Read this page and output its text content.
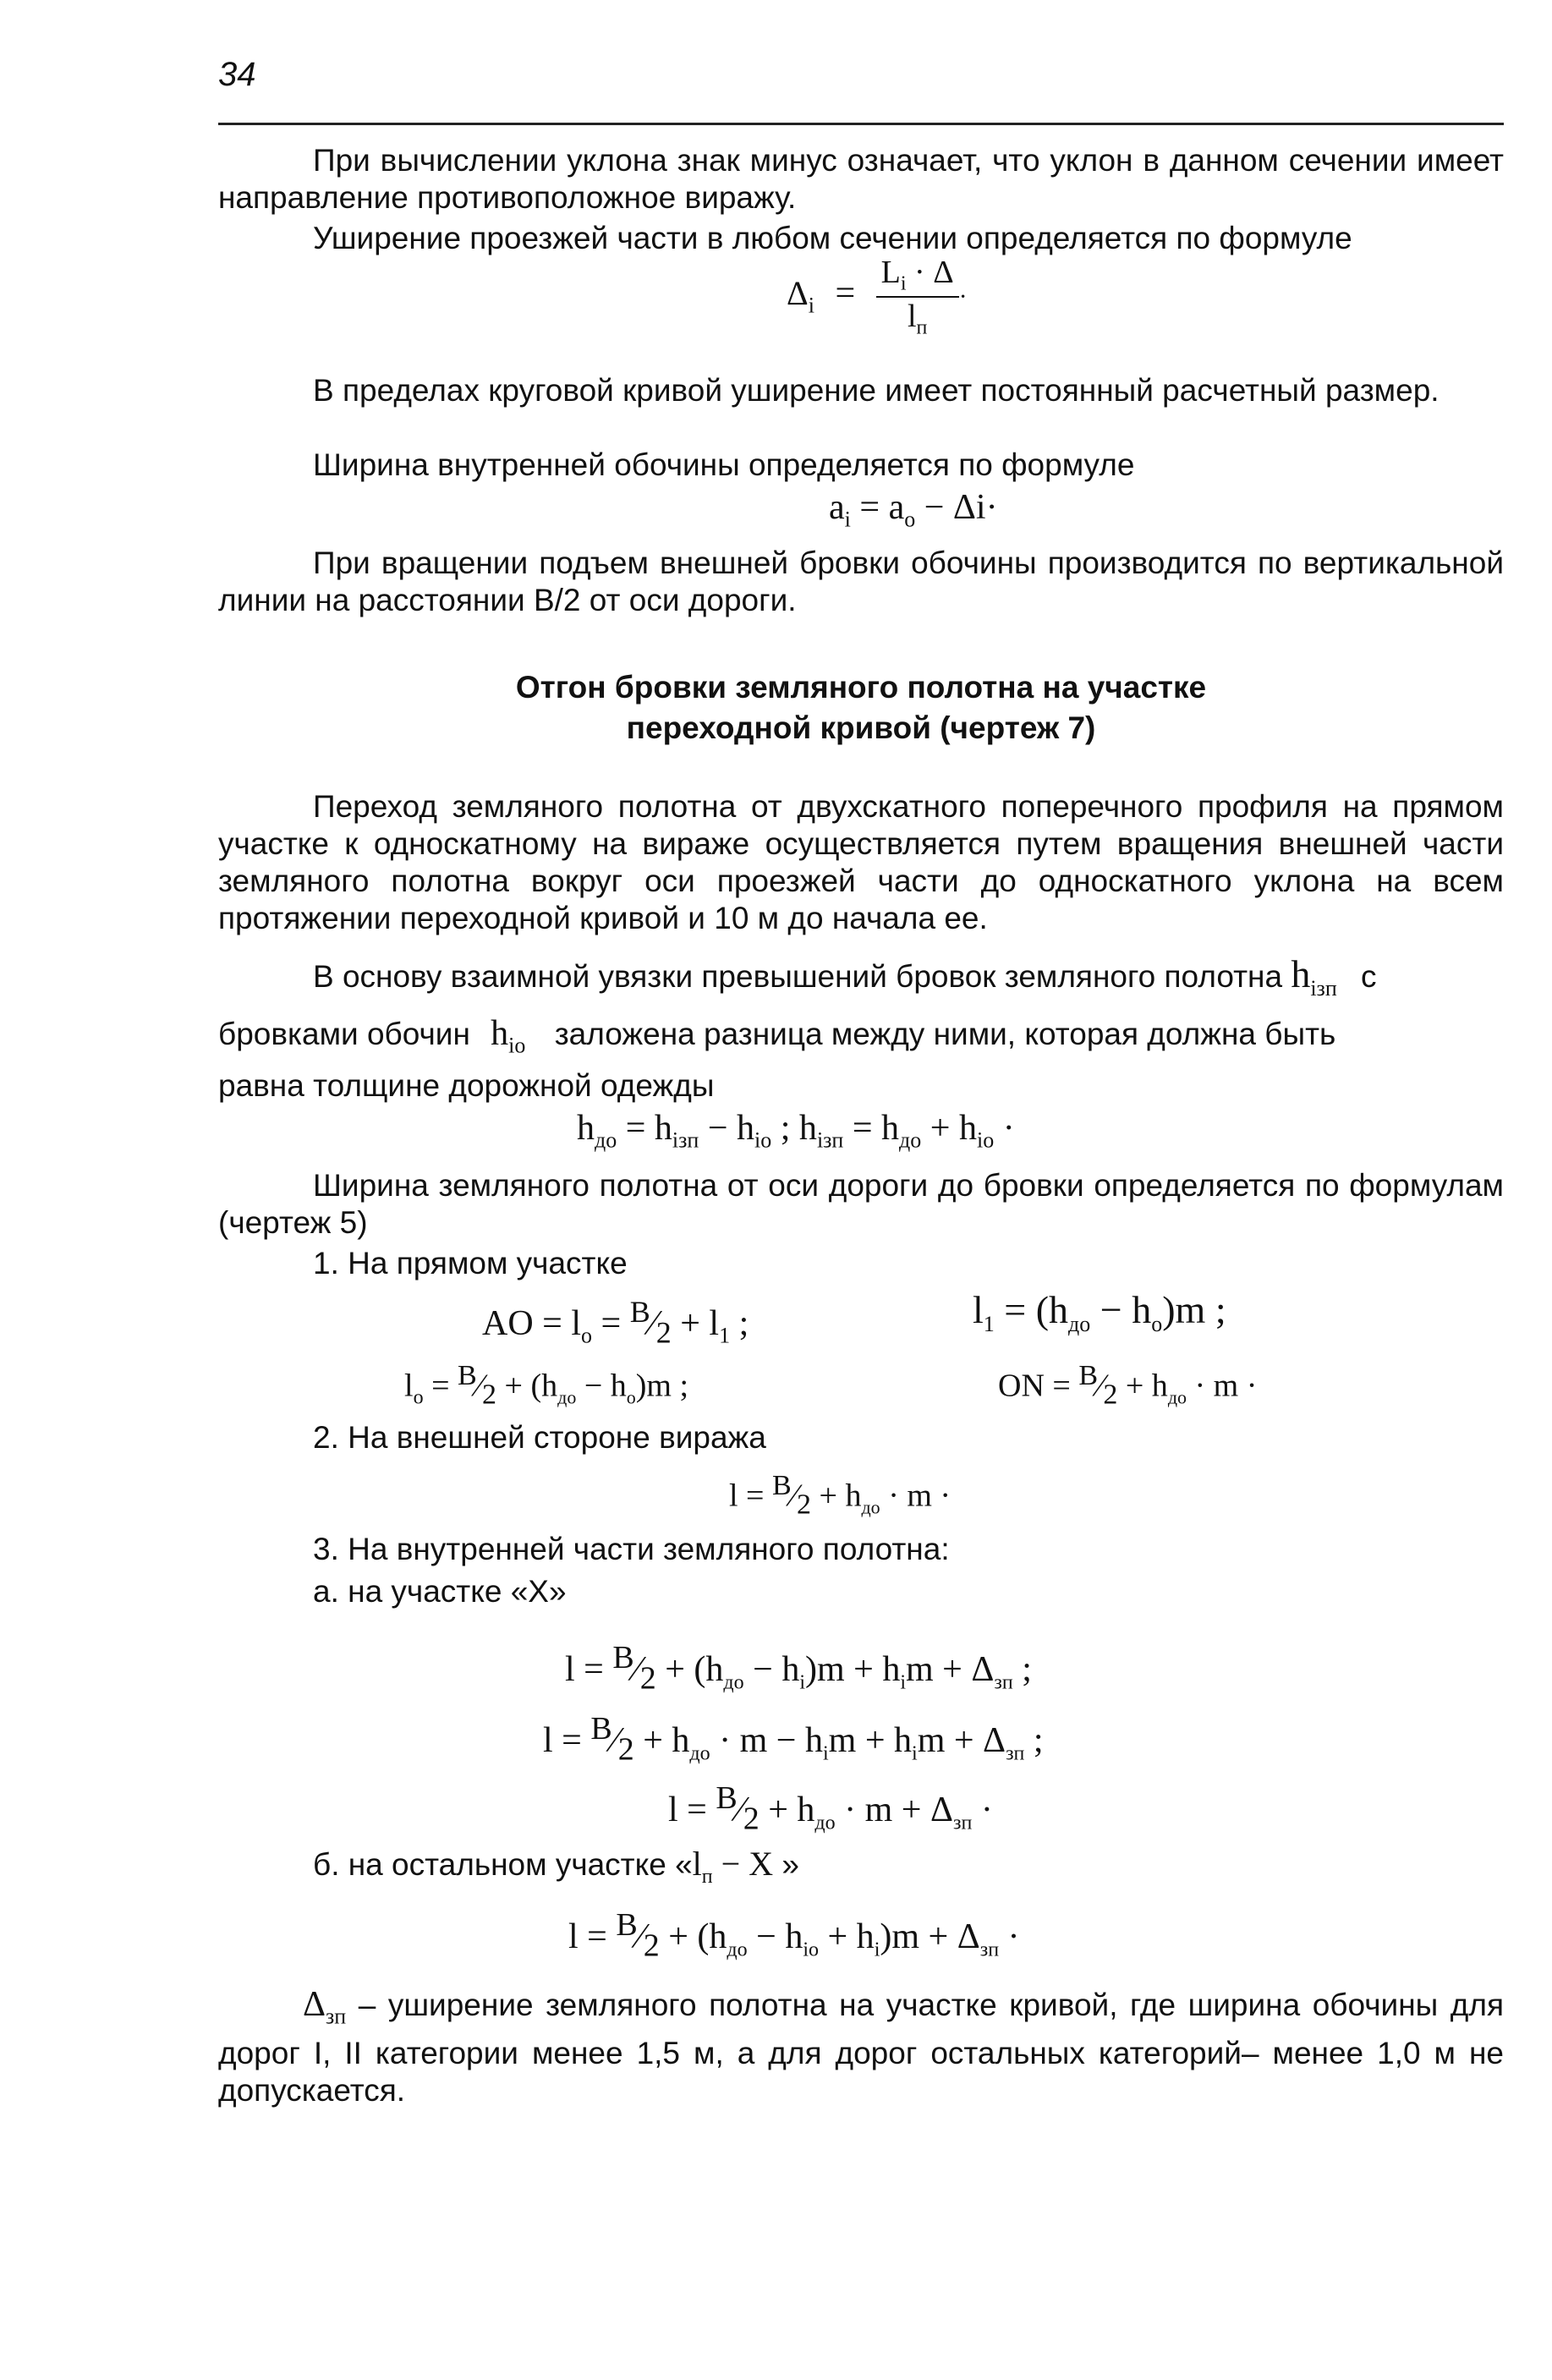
34
При вычислении уклона знак минус означает, что уклон в данном сечении имеет направление противоположное виражу.
Уширение проезжей части в любом сечении определяется по формуле
$\Delta_i = \frac{L_i \cdot \Delta}{l_п}$ ·
В пределах круговой кривой уширение имеет постоянный расчетный размер.
Ширина внутренней обочины определяется по формуле
$a_i = a_o - \Delta i\cdot$
При вращении подъем внешней бровки обочины производится по вертикальной линии на расстоянии В/2 от оси дороги.
Отгон бровки земляного полотна на участке
переходной кривой (чертеж 7)
Переход земляного полотна от двухскатного поперечного профиля на прямом участке к односкатному на вираже осуществляется путем вращения внешней части земляного полотна вокруг оси проезжей части до односкатного уклона на всем протяжении переходной кривой и 10 м до начала ее.
В основу взаимной увязки превышений бровок земляного полотна $h_{iзп}$ с
бровками обочин $h_{io}$ заложена разница между ними, которая должна быть
равна толщине дорожной одежды
$h_{до} = h_{iзп} - h_{io}$ ; $h_{iзп} = h_{до} + h_{io}$ ·
Ширина земляного полотна от оси дороги до бровки определяется по формулам (чертеж 5)
1. На прямом участке
AO = $l_o$ = $^B⁄_2 + l_1$ ;	$l_1 = (h_{до} - h_o)m$ ;
$l_o$ = $^B⁄_2 + (h_{до} - h_o)m$ ;	ON = $^B⁄_2 + h_{до} \cdot m$ ·
2. На внешней стороне виража
$l = ^B⁄_2 + h_{до} \cdot m$ ·
3. На внутренней части земляного полотна:
а. на участке «Х»
$l = ^B⁄_2 + (h_{до} - h_i)m + h_im + \Delta_{зп}$ ;
$l = ^B⁄_2 + h_{до} \cdot m - h_im + h_im + \Delta_{зп}$ ;
$l = ^B⁄_2 + h_{до} \cdot m + \Delta_{зп}$ ·
б. на остальном участке «$l_п - X$ »
$l = ^B⁄_2 + (h_{до} - h_{io} + h_i)m + \Delta_{зп}$ ·
$\Delta_{зп}$ – уширение земляного полотна на участке кривой, где ширина обочины для дорог I, II категории менее 1,5 м, а для дорог остальных категорий– менее 1,0 м не допускается.
